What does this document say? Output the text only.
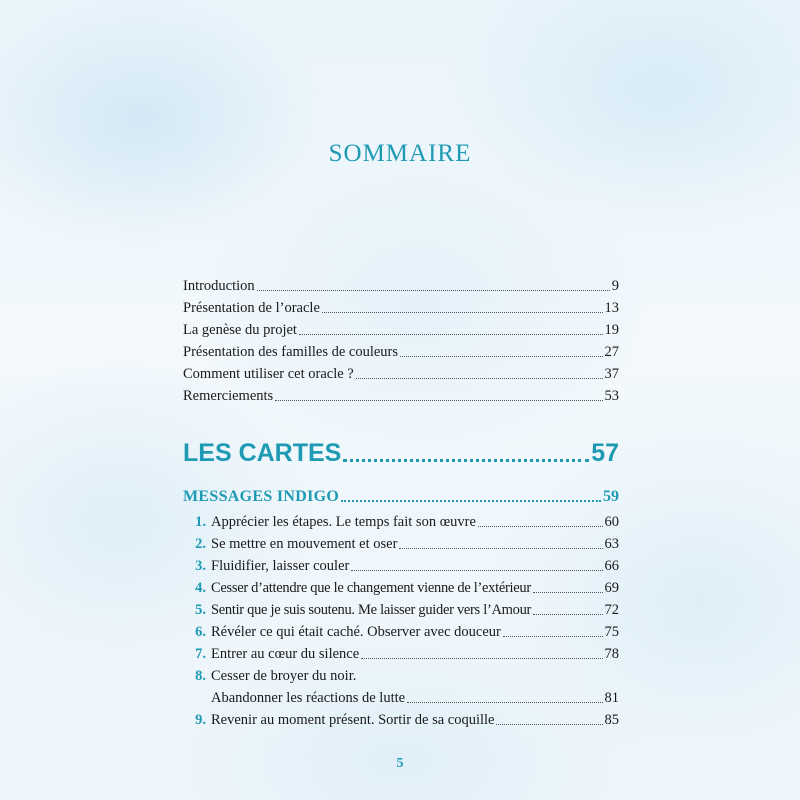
SOMMAIRE
Introduction	9
Présentation de l’oracle	13
La genèse du projet	19
Présentation des familles de couleurs	27
Comment utiliser cet oracle ?	37
Remerciements	53
LES CARTES	57
MESSAGES INDIGO	59
1. Apprécier les étapes. Le temps fait son œuvre	60
2. Se mettre en mouvement et oser	63
3. Fluidifier, laisser couler	66
4. Cesser d’attendre que le changement vienne de l’extérieur	69
5. Sentir que je suis soutenu. Me laisser guider vers l’Amour	72
6. Révéler ce qui était caché. Observer avec douceur	75
7. Entrer au cœur du silence	78
8. Cesser de broyer du noir.
Abandonner les réactions de lutte	81
9. Revenir au moment présent. Sortir de sa coquille	85
5
